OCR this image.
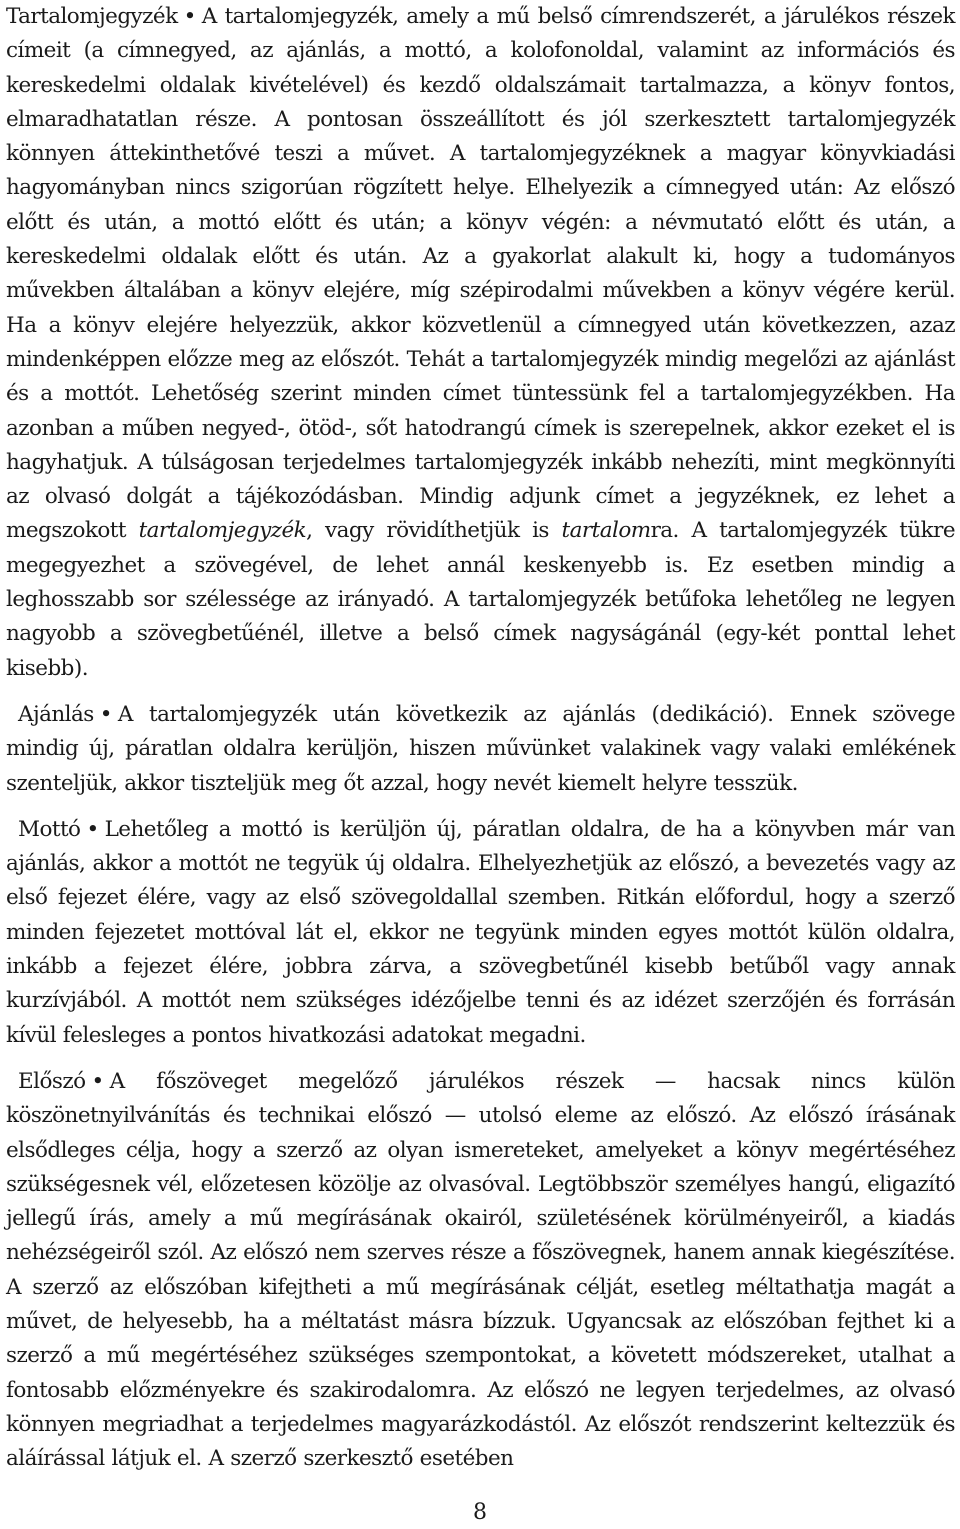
Tartalomjegyzék • A tartalomjegyzék, amely a mű belső címrendszerét, a járulékos részek címeit (a címnegyed, az ajánlás, a mottó, a kolofonoldal, valamint az információs és kereskedelmi oldalak kivételével) és kezdő oldalszámait tartalmazza, a könyv fontos, elmaradhatatlan része. A pontosan összeállított és jól szerkesztett tartalomjegyzék könnyen áttekinthetővé teszi a művet. A tartalomjegyzéknek a magyar könyvkiadási hagyományban nincs szigorúan rögzített helye. Elhelyezik a címnegyed után: Az előszó előtt és után, a mottó előtt és után; a könyv végén: a névmutató előtt és után, a kereskedelmi oldalak előtt és után. Az a gyakorlat alakult ki, hogy a tudományos művekben általában a könyv elejére, míg szépirodalmi művekben a könyv végére kerül. Ha a könyv elejére helyezzük, akkor közvetlenül a címnegyed után következzen, azaz mindenképpen előzze meg az előszót. Tehát a tartalomjegyzék mindig megelőzi az ajánlást és a mottót. Lehetőség szerint minden címet tüntessünk fel a tartalomjegyzékben. Ha azonban a műben negyed-, ötöd-, sőt hatodrangú címek is szerepelnek, akkor ezeket el is hagyhatjuk. A túlságosan terjedelmes tartalomjegyzék inkább nehezíti, mint megkönnyíti az olvasó dolgát a tájékozódásban. Mindig adjunk címet a jegyzéknek, ez lehet a megszokott tartalomjegyzék, vagy rövidíthetjük is tartalomra. A tartalomjegyzék tükre megegyezhet a szövegével, de lehet annál keskenyebb is. Ez esetben mindig a leghosszabb sor szélessége az irányadó. A tartalomjegyzék betűfoka lehetőleg ne legyen nagyobb a szövegbetűénél, illetve a belső címek nagyságánál (egy-két ponttal lehet kisebb).

Ajánlás • A tartalomjegyzék után következik az ajánlás (dedikáció). Ennek szövege mindig új, páratlan oldalra kerüljön, hiszen művünket valakinek vagy valaki emlékének szenteljük, akkor tiszteljük meg őt azzal, hogy nevét kiemelt helyre tesszük.

Mottó • Lehetőleg a mottó is kerüljön új, páratlan oldalra, de ha a könyvben már van ajánlás, akkor a mottót ne tegyük új oldalra. Elhelyezhetjük az előszó, a bevezetés vagy az első fejezet élére, vagy az első szövegoldallal szemben. Ritkán előfordul, hogy a szerző minden fejezetet mottóval lát el, ekkor ne tegyünk minden egyes mottót külön oldalra, inkább a fejezet élére, jobbra zárva, a szövegbetűnél kisebb betűből vagy annak kurzívjából. A mottót nem szükséges idézőjelbe tenni és az idézet szerzőjén és forrásán kívül felesleges a pontos hivatkozási adatokat megadni.

Előszó • A főszöveget megelőző járulékos részek — hacsak nincs külön köszönetnyilvánítás és technikai előszó — utolsó eleme az előszó. Az előszó írásának elsődleges célja, hogy a szerző az olyan ismereteket, amelyeket a könyv megértéséhez szükségesnek vél, előzetesen közölje az olvasóval. Legtöbbször személyes hangú, eligazító jellegű írás, amely a mű megírásának okairól, születésének körülményeiről, a kiadás nehézségeiről szól. Az előszó nem szerves része a főszövegnek, hanem annak kiegészítése. A szerző az előszóban kifejtheti a mű megírásának célját, esetleg méltathatja magát a művet, de helyesebb, ha a méltatást másra bízzuk. Ugyancsak az előszóban fejthet ki a szerző a mű megértéséhez szükséges szempontokat, a követett módszereket, utalhat a fontosabb előzményekre és szakirodalomra. Az előszó ne legyen terjedelmes, az olvasó könnyen megriadhat a terjedelmes magyarázkodástól. Az előszót rendszerint keltezzük és aláírással látjuk el. A szerző szerkesztő esetében

8
